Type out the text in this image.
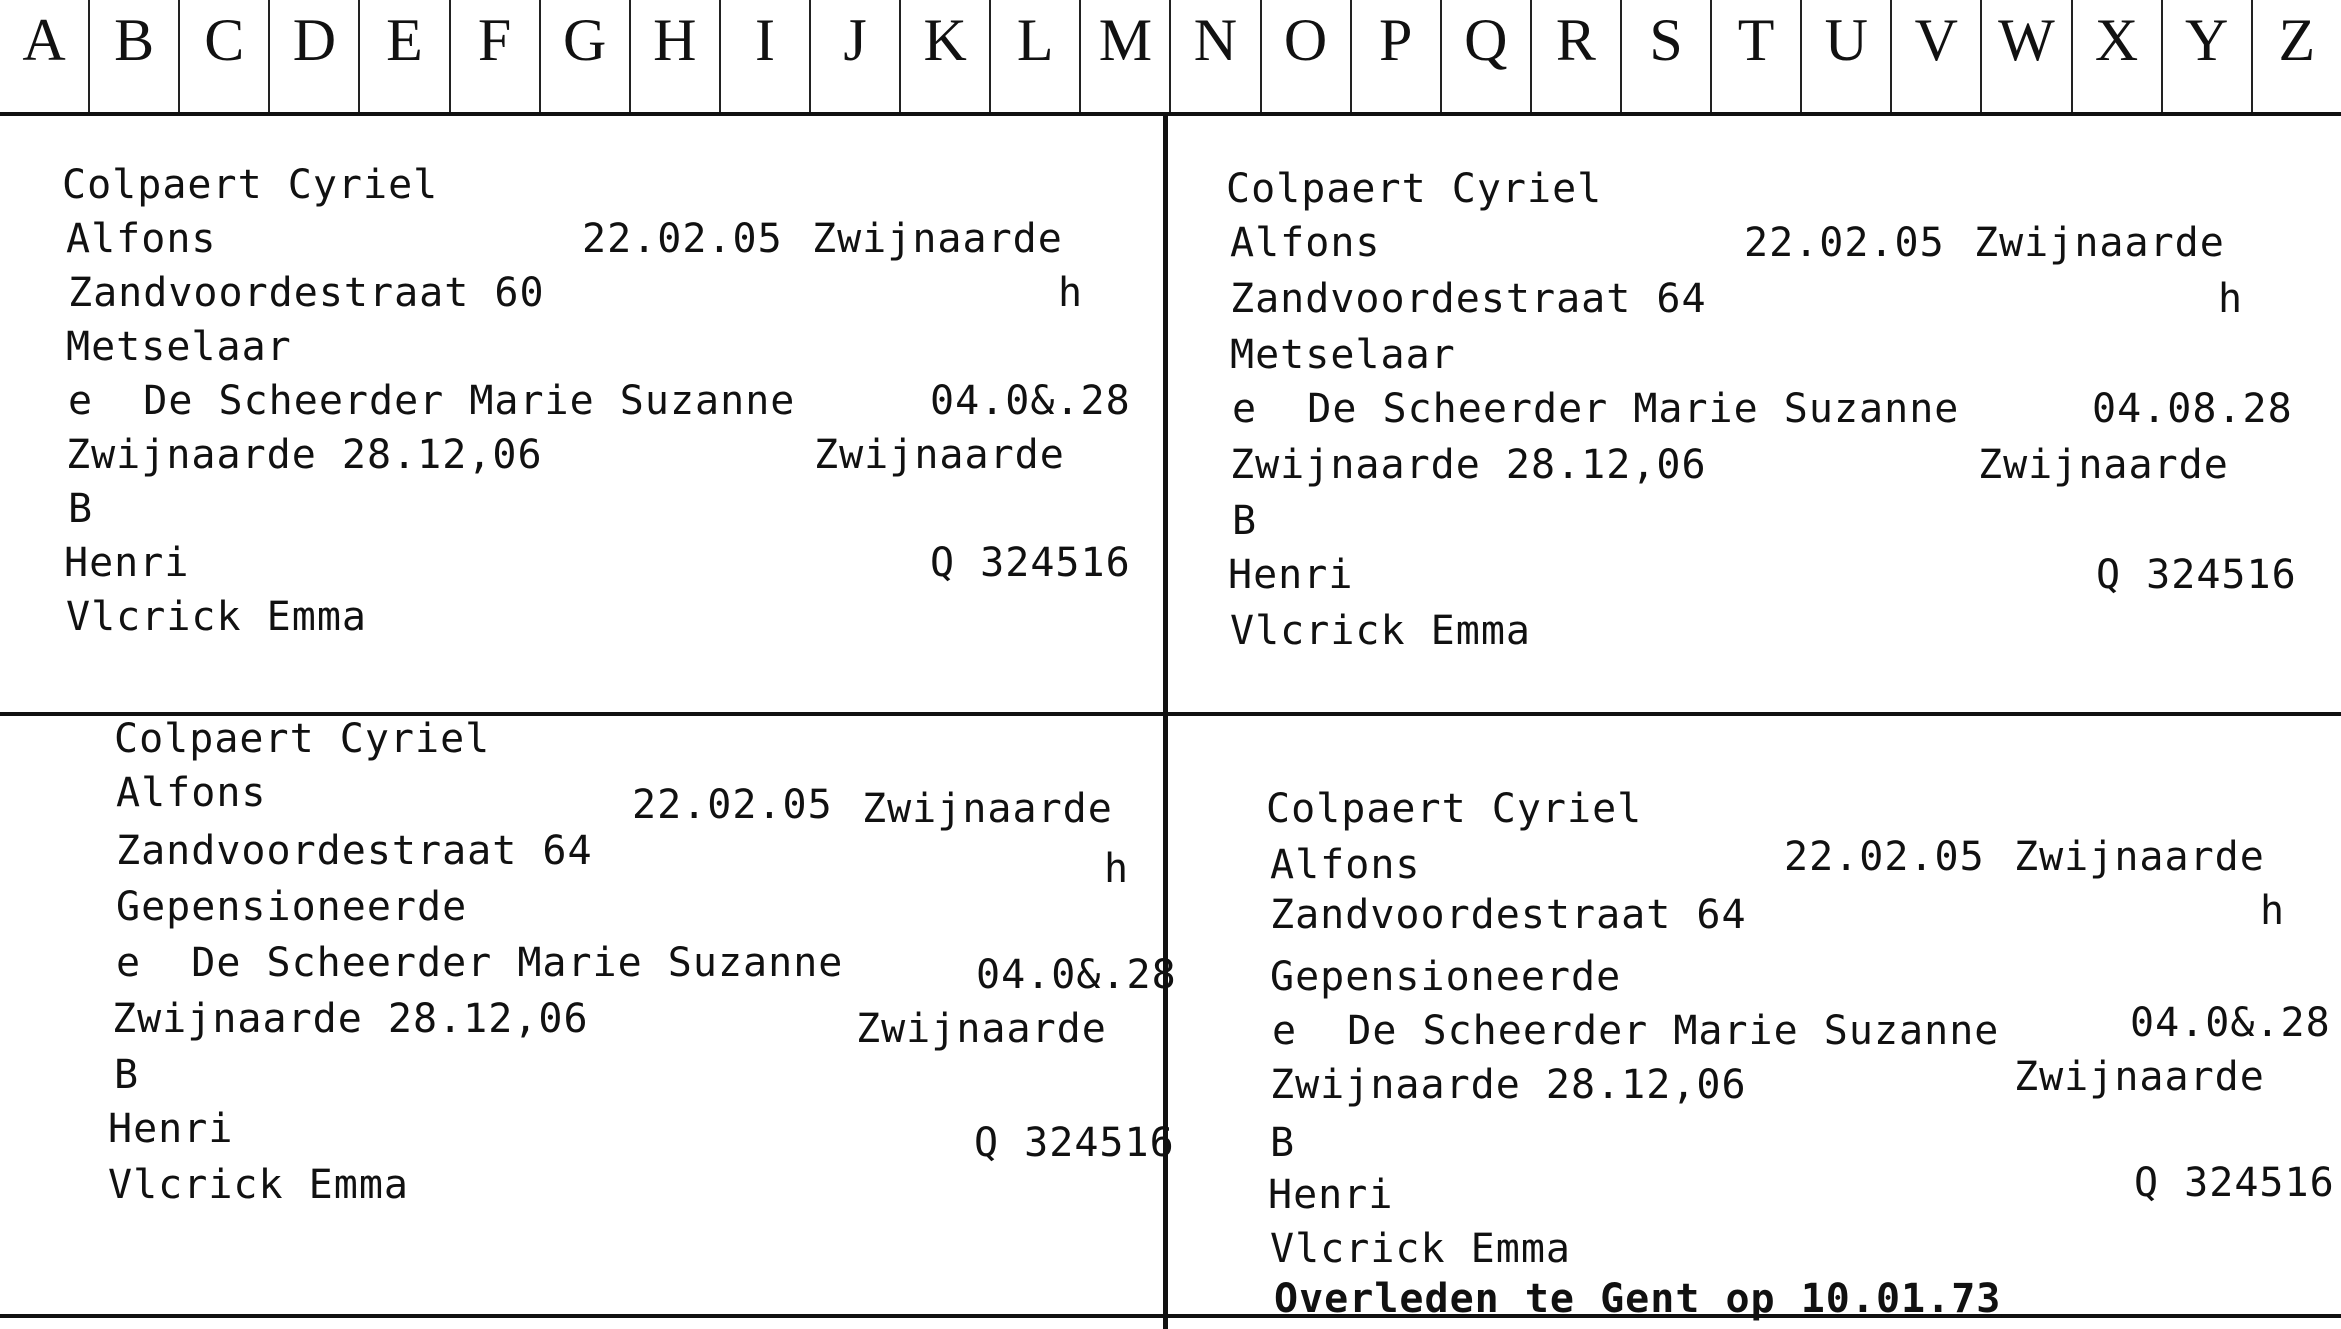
A B C D E F G H I	J K L M N O P Q R S T U V W X Y Z
Colpaert Cyriel
Alfons	22.02.05 Zwijnaarde
Zandvoordestraat 60	h
Metselaar
e  De Scheerder Marie Suzanne	04.0&.28
Zwijnaarde 28.12,06	Zwijnaarde
B
Henri	Q 324516
Vlcrick Emma
Colpaert Cyriel
Alfons	22.02.05 Zwijnaarde
Zandvoordestraat 64	h
Metselaar
e  De Scheerder Marie Suzanne	04.08.28
Zwijnaarde 28.12,06	Zwijnaarde
B
Henri	Q 324516
Vlcrick Emma
Colpaert Cyriel
Alfons	22.02.05 Zwijnaarde
Zandvoordestraat 64	h
Gepensioneerde
e  De Scheerder Marie Suzanne	04.0&.28
Zwijnaarde 28.12,06	Zwijnaarde
B
Henri	Q 324516
Vlcrick Emma
Colpaert Cyriel
Alfons	22.02.05 Zwijnaarde
Zandvoordestraat 64	h
Gepensioneerde
e  De Scheerder Marie Suzanne	04.0&.28
Zwijnaarde 28.12,06	Zwijnaarde
B
Henri	Q 324516
Vlcrick Emma
Overleden te Gent op 10.01.73
